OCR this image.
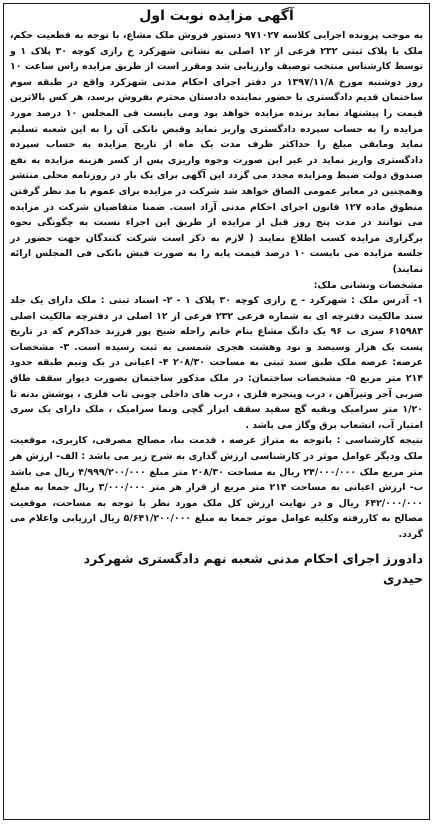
آگهی مزایده نوبت اول

به موجب پرونده اجرایی کلاسه ۹۷۱۰۲۷ دستور فروش ملک مشاع، با توجه به قطعیت حکم، ملک با پلاک ثبتی ۲۳۲ فرعی از ۱۲ اصلی به نشانی شهرکرد خ رازی کوچه ۳۰ پلاک ۱ و توسط کارشناس منتخب توصیف وارزیابی شد ومقرر است از طریق مزایده راس ساعت ۱۰ روز دوشنبه مورخ ۱۳۹۷/۱۱/۸ در دفتر اجرای احکام مدنی شهرکرد واقع در طبقه سوم ساختمان قدیم دادگستری با حضور نماینده دادستان محترم بفروش برسد، هر کس بالاترین قیمت را پیشنهاد نماید برنده مزایده خواهد بود ومی بایست فی المجلس ۱۰ درصد مورد مزایده را به حساب سپرده دادگستری واریز نماید وقبض بانکی آن را به این شعبه تسلیم نماید ومابقی مبلغ را حداکثر ظرف مدت یک ماه از تاریخ مزایده به حساب سپرده دادگستری واریز نماید در غیر این صورت وجوه واریزی پس از کسر هزینه مزایده به نفع صندوق دولت ضبط ومزایده مجدد می گردد این آگهی برای یک بار در روزنامه محلی منتشر وهمچنین در معابر عمومی الصاق خواهد شد شرکت در مزایده برای عموم با مد نظر گرفتن منطوق ماده ۱۲۷ قانون اجرای احکام مدنی آزاد است. ضمنا متقاضیان شرکت در مزایده می توانند در مدت پنج روز قبل از مزایده از طریق این اجراء نسبت به چگونگی نحوه برگزاری مزایده کسب اطلاع نمایند ( لازم به ذکر است شرکت کنندگان جهت حضور در جلسه مزایده می بایست ۱۰ درصد قیمت پایه را به صورت فیش بانکی فی المجلس ارائه نمایند)

مشخصات ونشانی ملک:

۱- آدرس ملک : شهرکرد - خ رازی کوچه ۳۰ پلاک ۱ - ۲- اسناد ثبتی : ملک دارای یک جلد سند مالکیت دفترچه ای به شماره فرعی ۲۳۲ فرعی از ۱۲ اصلی در دفترچه مالکیت اصلی ۶۱۵۹۸۳ سری ب ۹۶ یک دانگ مشاع بنام خانم راحله شیخ پور فرزند خداکرم که در تاریخ پست یک هزار وسیصد و نود وهشت هجری شمسی به ثبت رسیده است. ۳- مشخصات عرصه: عرصه ملک طبق سند ثبتی به مساحت ۲۰۸/۳۰ ۴- اعیانی در یک ونیم طبقه حدود ۲۱۴ متر مربع ۵- مشخصات ساختمان: در ملک مذکور ساختمان بصورت دیوار سقف طاق ضربی آجر وتیرآهن ، درب وپنجره فلزی ، درب های داخلی چوبی تاب فلزی ، پوشش بدنه تا ۱/۲۰ متر سرامیک وبقیه گچ سفید سقف ابزار گچی ونما سرامیک ، ملک دارای یک سری امتیاز آب، انشعاب برق وگاز می باشد .

نتیجه کارشناسی : باتوجه به متراژ عرصه ، قدمت بنا، مصالح مصرفی، کاربری، موقعیت ملک ودیگر عوامل موثر در کارشناسی ارزش گذاری به شرح زیر می باشد : الف- ارزش هر متر مربع ملک ۲۴/۰۰۰/۰۰۰ ریال به مساحت ۲۰۸/۳۰ متر مبلغ ۴/۹۹۹/۲۰۰/۰۰۰ ریال می باشد ب- ارزش اعیانی به مساحت ۲۱۴ متر مربع از قرار هر متر ۳/۰۰۰/۰۰۰ ریال جمعا به مبلغ ۶۴۲/۰۰۰/۰۰۰ ریال و در نهایت ارزش کل ملک مورد نظر با توجه به مساحت، موقعیت مصالح به کاررفته وکلیه عوامل موثر جمعا به مبلغ ۵/۶۴۱/۲۰۰/۰۰۰ ریال ارزیابی واعلام می گردد.

دادورز اجرای احکام مدنی شعبه نهم دادگستری شهرکرد
حیدری
